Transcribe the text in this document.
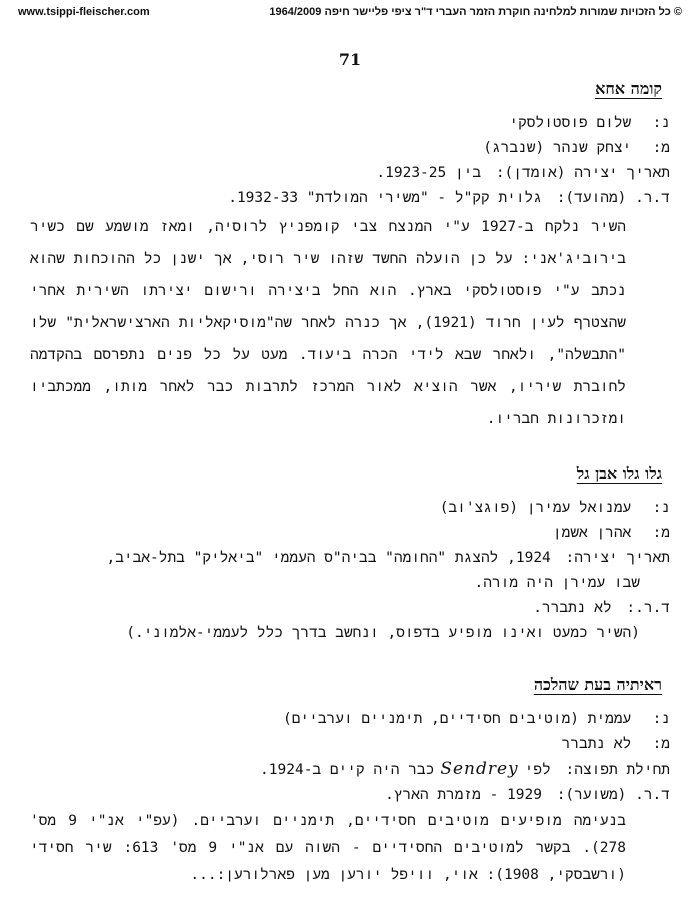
www.tsippi-fleischer.com	© כל הזכויות שמורות למלחינה חוקרת הזמר העברי ד"ר ציפי פליישר חיפה 1964/2009
71
קומה אחא
נ: שלום פוסטולסקי
מ: יצחק שנהר (שנברג)
תאריך יצירה (אומדן): בין 1923-25.
ד.ר. (מהועד): גלוית קק"ל - "משירי המולדת" 1932-33.
השיר נלקח ב-1927 ע"י המנצח צבי קומפניץ לרוסיה, ומאז מושמע שם כשיר בירוביג'אני: על כן הועלה החשד שזהו שיר רוסי, אך ישנן כל ההוכחות שהוא נכתב ע"י פוסטולסקי בארץ. הוא החל ביצירה ורישום יצירתו השירית אחרי שהצטרף לעין חרוד (1921), אך כנרה לאחר שה"מוסיקאליות הארצישראלית" שלו "התבשלה", ולאחר שבא לידי הכרה ביעוד. מעט על כל פנים נתפרסם בהקדמה לחוברת שיריו, אשר הוציא לאור המרכז לתרבות כבר לאחר מותו, ממכתביו ומזכרונות חבריו.
גלו גלו אבן גל
נ: עמנואל עמירן (פוגצ'וב)
מ: אהרן אשמן
תאריך יצירה: 1924, להצגת "החומה" בביה"ס העממי "ביאליק" בתל-אביב,
שבו עמירן היה מורה.
ד.ר.: לא נתברר.
(השיר כמעט ואינו מופיע בדפוס, ונחשב בדרך כלל לעממי-אלמוני.)
ראיתיה בעת שהלכה
נ: עממית (מוטיבים חסידיים, תימניים וערביים)
מ: לא נתברר
תחילת תפוצה: לפיSendreyכבר היה קיים ב-1924.
ד.ר. (משוער): 1929 - מזמרת הארץ.
בנעימה מופיעים מוטיבים חסידיים, תימניים וערביים. (עפ"י אנ"י 9 מס' 278). בקשר למוטיבים החסידיים - השוה עם אנ"י 9 מס' 613: שיר חסידי (ורשבסקי, 1908): אוי, וויפל יורען מען פארלורען:...
